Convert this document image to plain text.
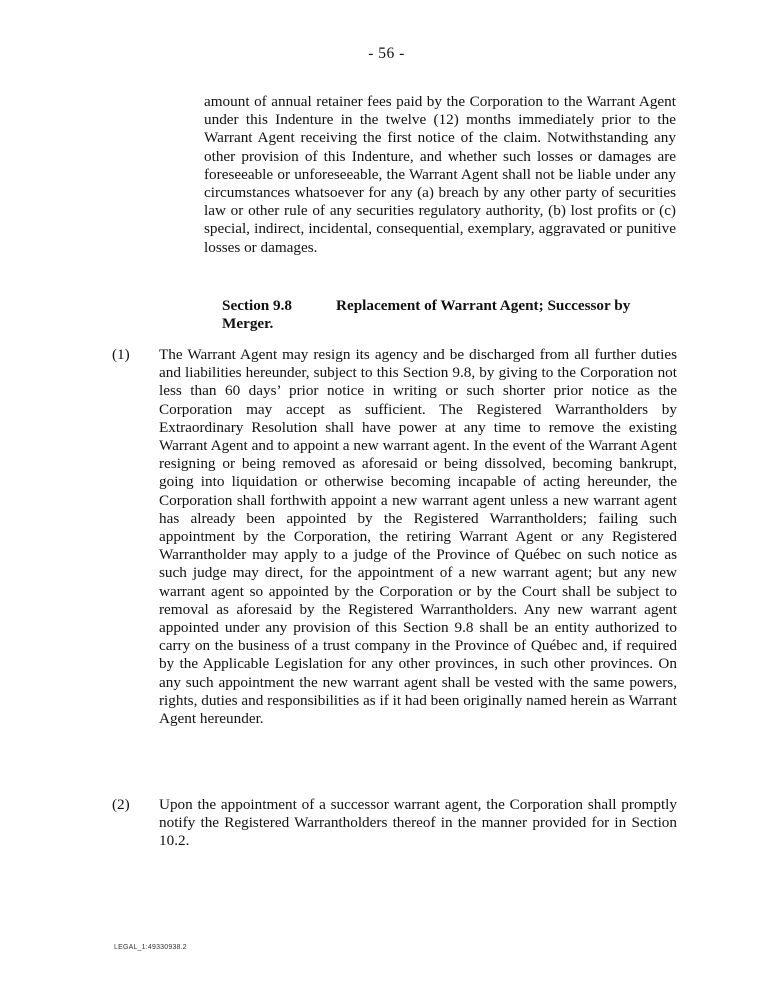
- 56 -
amount of annual retainer fees paid by the Corporation to the Warrant Agent under this Indenture in the twelve (12) months immediately prior to the Warrant Agent receiving the first notice of the claim. Notwithstanding any other provision of this Indenture, and whether such losses or damages are foreseeable or unforeseeable, the Warrant Agent shall not be liable under any circumstances whatsoever for any (a) breach by any other party of securities law or other rule of any securities regulatory authority, (b) lost profits or (c) special, indirect, incidental, consequential, exemplary, aggravated or punitive losses or damages.
Section 9.8	Replacement of Warrant Agent; Successor by
Merger.
(1) The Warrant Agent may resign its agency and be discharged from all further duties and liabilities hereunder, subject to this Section 9.8, by giving to the Corporation not less than 60 days’ prior notice in writing or such shorter prior notice as the Corporation may accept as sufficient. The Registered Warrantholders by Extraordinary Resolution shall have power at any time to remove the existing Warrant Agent and to appoint a new warrant agent. In the event of the Warrant Agent resigning or being removed as aforesaid or being dissolved, becoming bankrupt, going into liquidation or otherwise becoming incapable of acting hereunder, the Corporation shall forthwith appoint a new warrant agent unless a new warrant agent has already been appointed by the Registered Warrantholders; failing such appointment by the Corporation, the retiring Warrant Agent or any Registered Warrantholder may apply to a judge of the Province of Québec on such notice as such judge may direct, for the appointment of a new warrant agent; but any new warrant agent so appointed by the Corporation or by the Court shall be subject to removal as aforesaid by the Registered Warrantholders. Any new warrant agent appointed under any provision of this Section 9.8 shall be an entity authorized to carry on the business of a trust company in the Province of Québec and, if required by the Applicable Legislation for any other provinces, in such other provinces. On any such appointment the new warrant agent shall be vested with the same powers, rights, duties and responsibilities as if it had been originally named herein as Warrant Agent hereunder.
(2) Upon the appointment of a successor warrant agent, the Corporation shall promptly notify the Registered Warrantholders thereof in the manner provided for in Section 10.2.
LEGAL_1:49330938.2
